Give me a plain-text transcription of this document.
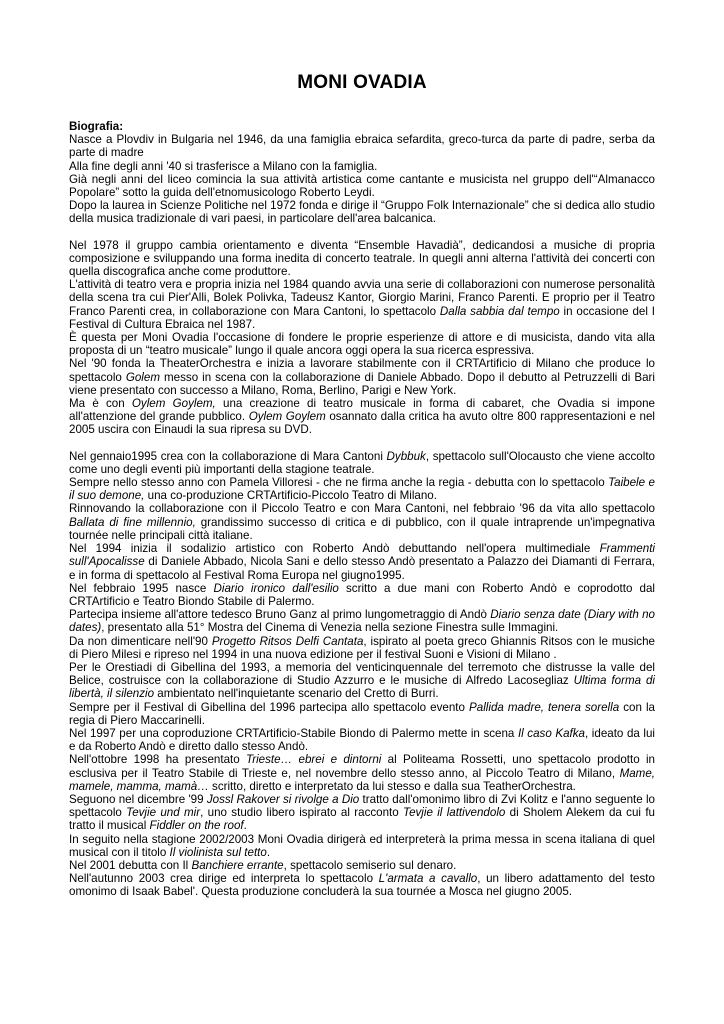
MONI OVADIA
Biografia:

Nasce a Plovdiv in Bulgaria nel 1946, da una famiglia ebraica sefardita, greco-turca da parte di padre, serba da parte di madre

Alla fine degli anni '40 si trasferisce a Milano con la famiglia.

Già negli anni del liceo comincia la sua attività artistica come cantante e musicista nel gruppo dell'“Almanacco Popolare” sotto la guida dell'etnomusicologo Roberto Leydi.

Dopo la laurea in Scienze Politiche nel 1972 fonda e dirige il “Gruppo Folk Internazionale” che si dedica allo studio della musica tradizionale di vari paesi, in particolare dell'area balcanica.

Nel 1978 il gruppo cambia orientamento e diventa “Ensemble Havadià”, dedicandosi a musiche di propria composizione e sviluppando una forma inedita di concerto teatrale. In quegli anni alterna l'attività dei concerti con quella discografica anche come produttore.

L'attività di teatro vera e propria inizia nel 1984 quando avvia una serie di collaborazioni con numerose personalità della scena tra cui Pier'Alli, Bolek Polivka, Tadeusz Kantor, Giorgio Marini, Franco Parenti. E proprio per il Teatro Franco Parenti crea, in collaborazione con Mara Cantoni, lo spettacolo Dalla sabbia dal tempo in occasione del I Festival di Cultura Ebraica nel 1987.

È questa per Moni Ovadia l'occasione di fondere le proprie esperienze di attore e di musicista, dando vita alla proposta di un “teatro musicale” lungo il quale ancora oggi opera la sua ricerca espressiva.

Nel '90 fonda la TheaterOrchestra e inizia a lavorare stabilmente con il CRTArtificio di Milano che produce lo spettacolo Golem messo in scena con la collaborazione di Daniele Abbado. Dopo il debutto al Petruzzelli di Bari viene presentato con successo a Milano, Roma, Berlino, Parigi e New York.

Ma è con Oylem Goylem, una creazione di teatro musicale in forma di cabaret, che Ovadia si impone all'attenzione del grande pubblico. Oylem Goylem osannato dalla critica ha avuto oltre 800 rappresentazioni e nel 2005 uscira con Einaudi la sua ripresa su DVD.

Nel gennaio1995 crea con la collaborazione di Mara Cantoni Dybbuk, spettacolo sull'Olocausto che viene accolto come uno degli eventi più importanti della stagione teatrale.

Sempre nello stesso anno con Pamela Villoresi - che ne firma anche la regia - debutta con lo spettacolo Taibele e il suo demone, una co-produzione CRTArtificio-Piccolo Teatro di Milano.

Rinnovando la collaborazione con il Piccolo Teatro e con Mara Cantoni, nel febbraio '96 da vita allo spettacolo Ballata di fine millennio, grandissimo successo di critica e di pubblico, con il quale intraprende un'impegnativa tournée nelle principali città italiane.

Nel 1994 inizia il sodalizio artistico con Roberto Andò debuttando nell'opera multimediale Frammenti sull'Apocalisse di Daniele Abbado, Nicola Sani e dello stesso Andò presentato a Palazzo dei Diamanti di Ferrara, e in forma di spettacolo al Festival Roma Europa nel giugno1995.

Nel febbraio 1995 nasce Diario ironico dall'esilio scritto a due mani con Roberto Andò e coprodotto dal CRTArtificio e Teatro Biondo Stabile di Palermo.

Partecipa insieme all'attore tedesco Bruno Ganz al primo lungometraggio di Andò Diario senza date (Diary with no dates), presentato alla 51° Mostra del Cinema di Venezia nella sezione Finestra sulle Immagini.

Da non dimenticare nell'90 Progetto Ritsos Delfi Cantata, ispirato al poeta greco Ghiannis Ritsos con le musiche di Piero Milesi e ripreso nel 1994 in una nuova edizione per il festival Suoni e Visioni di Milano .

Per le Orestiadi di Gibellina del 1993, a memoria del venticinquennale del terremoto che distrusse la valle del Belice, costruisce con la collaborazione di Studio Azzurro e le musiche di Alfredo Lacosegliaz Ultima forma di libertà, il silenzio ambientato nell'inquietante scenario del Cretto di Burri.

Sempre per il Festival di Gibellina del 1996 partecipa allo spettacolo evento Pallida madre, tenera sorella con la regia di Piero Maccarinelli.

Nel 1997 per una coproduzione CRTArtificio-Stabile Biondo di Palermo mette in scena Il caso Kafka, ideato da lui e da Roberto Andò e diretto dallo stesso Andò.

Nell'ottobre 1998 ha presentato Trieste… ebrei e dintorni al Politeama Rossetti, uno spettacolo prodotto in esclusiva per il Teatro Stabile di Trieste e, nel novembre dello stesso anno, al Piccolo Teatro di Milano, Mame, mamele, mamma, mamà… scritto, diretto e interpretato da lui stesso e dalla sua TeatherOrchestra.

Seguono nel dicembre '99 Jossl Rakover si rivolge a Dio tratto dall'omonimo libro di Zvi Kolitz e l'anno seguente lo spettacolo Tevjie und mir, uno studio libero ispirato al racconto Tevjie il lattivendolo di Sholem Alekem da cui fu tratto il musical Fiddler on the roof.

In seguito nella stagione 2002/2003 Moni Ovadia dirigerà ed interpreterà la prima messa in scena italiana di quel musical con il titolo Il violinista sul tetto.

Nel 2001 debutta con Il Banchiere errante, spettacolo semiserio sul denaro.

Nell'autunno 2003 crea dirige ed interpreta lo spettacolo L'armata a cavallo, un libero adattamento del testo omonimo di Isaak Babel'. Questa produzione concluderà la sua tournée a Mosca nel giugno 2005.
